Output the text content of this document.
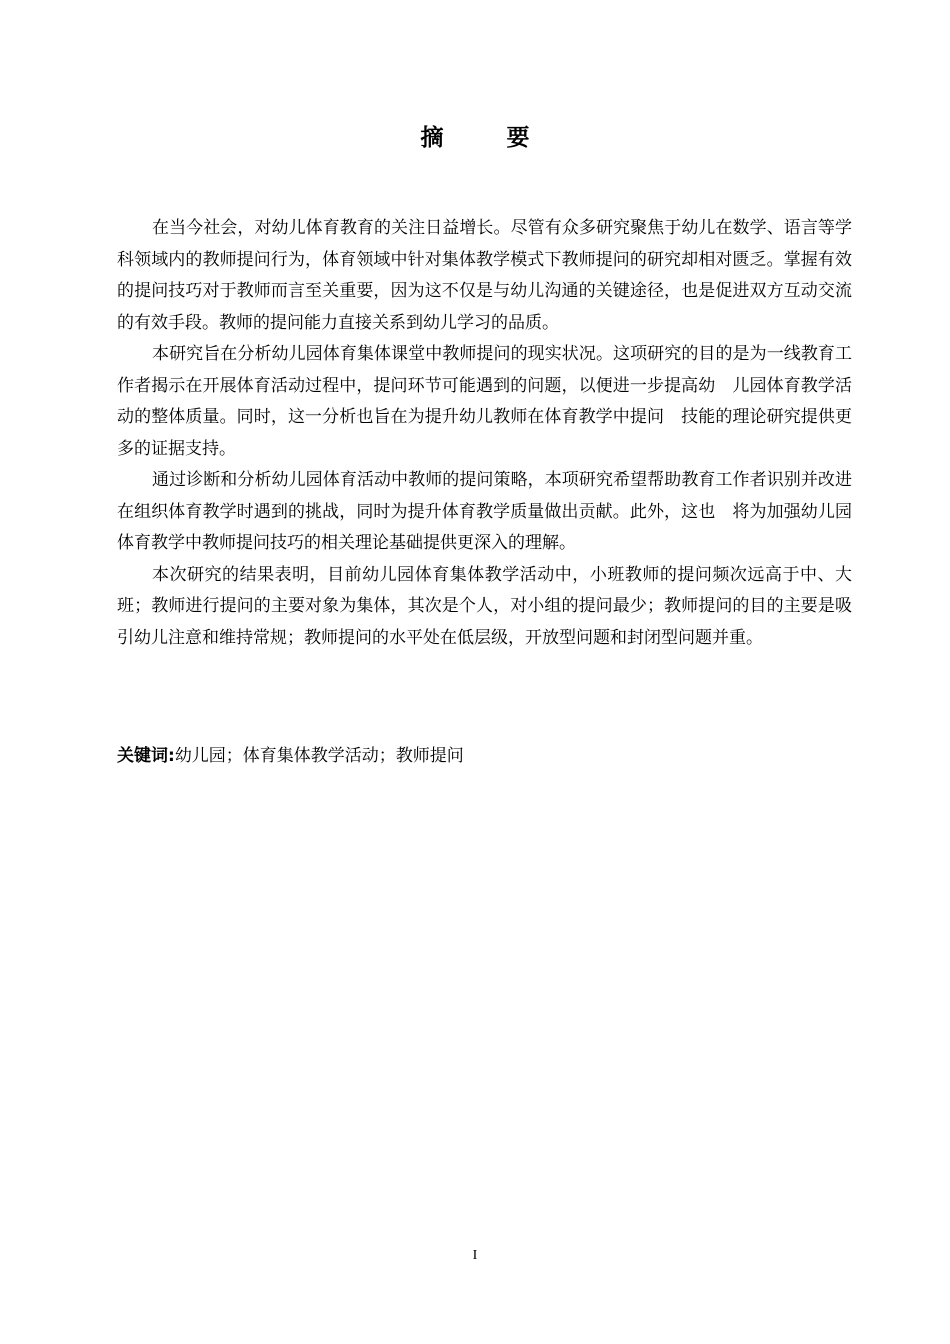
摘　要

在当今社会，对幼儿体育教育的关注日益增长。尽管有众多研究聚焦于幼儿在数学、语言等学科领域内的教师提问行为，体育领域中针对集体教学模式下教师提问的研究却相对匮乏。掌握有效的提问技巧对于教师而言至关重要，因为这不仅是与幼儿沟通的关键途径，也是促进双方互动交流的有效手段。教师的提问能力直接关系到幼儿学习的品质。

本研究旨在分析幼儿园体育集体课堂中教师提问的现实状况。这项研究的目的是为一线教育工作者揭示在开展体育活动过程中，提问环节可能遇到的问题，以便进一步提高幼　儿园体育教学活动的整体质量。同时，这一分析也旨在为提升幼儿教师在体育教学中提问　技能的理论研究提供更多的证据支持。

通过诊断和分析幼儿园体育活动中教师的提问策略，本项研究希望帮助教育工作者识别并改进在组织体育教学时遇到的挑战，同时为提升体育教学质量做出贡献。此外，这也　将为加强幼儿园体育教学中教师提问技巧的相关理论基础提供更深入的理解。

本次研究的结果表明，目前幼儿园体育集体教学活动中，小班教师的提问频次远高于中、大班；教师进行提问的主要对象为集体，其次是个人，对小组的提问最少；教师提问的目的主要是吸引幼儿注意和维持常规；教师提问的水平处在低层级，开放型问题和封闭型问题并重。

关键词:幼儿园；体育集体教学活动；教师提问

I
